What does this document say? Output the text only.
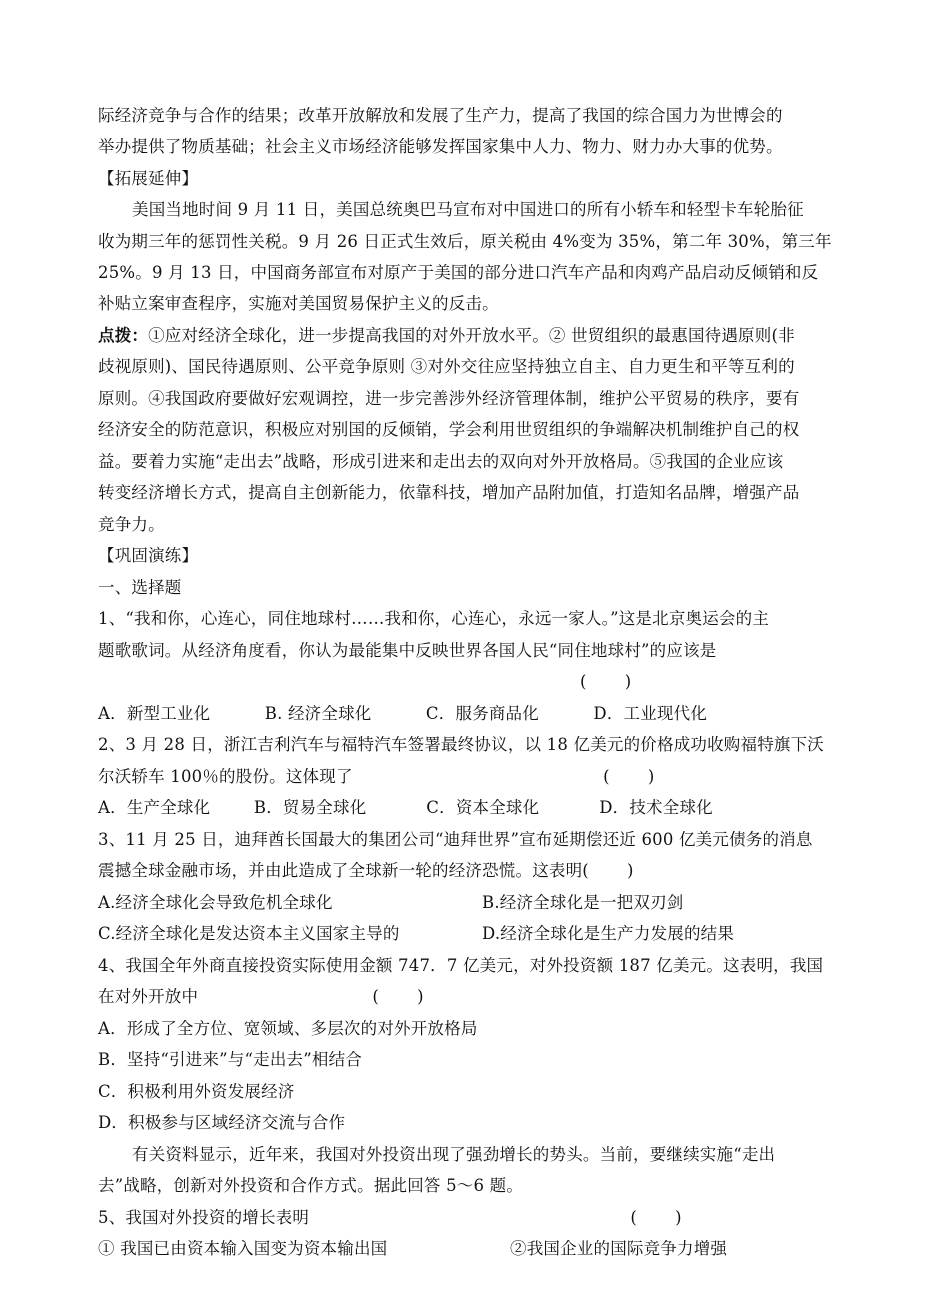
际经济竞争与合作的结果；改革开放解放和发展了生产力，提高了我国的综合国力为世博会的
举办提供了物质基础；社会主义市场经济能够发挥国家集中人力、物力、财力办大事的优势。
【拓展延伸】
美国当地时间 9 月 11 日，美国总统奥巴马宣布对中国进口的所有小轿车和轻型卡车轮胎征
收为期三年的惩罚性关税。9 月 26 日正式生效后，原关税由 4%变为 35%，第二年 30%，第三年
25%。9 月 13 日，中国商务部宣布对原产于美国的部分进口汽车产品和肉鸡产品启动反倾销和反
补贴立案审查程序，实施对美国贸易保护主义的反击。
点拨：①应对经济全球化，进一步提高我国的对外开放水平。② 世贸组织的最惠国待遇原则(非
歧视原则)、国民待遇原则、公平竞争原则 ③对外交往应坚持独立自主、自力更生和平等互利的
原则。④我国政府要做好宏观调控，进一步完善涉外经济管理体制，维护公平贸易的秩序，要有
经济安全的防范意识，积极应对别国的反倾销，学会利用世贸组织的争端解决机制维护自己的权
益。要着力实施“走出去”战略，形成引进来和走出去的双向对外开放格局。⑤我国的企业应该
转变经济增长方式，提高自主创新能力，依靠科技，增加产品附加值，打造知名品牌，增强产品
竞争力。
【巩固演练】
一、选择题
1、“我和你，心连心，同住地球村……我和你，心连心，永远一家人。”这是北京奥运会的主
题歌歌词。从经济角度看，你认为最能集中反映世界各国人民“同住地球村”的应该是
(       )
A．新型工业化          B. 经济全球化          C．服务商品化          D．工业现代化
2、3 月 28 日，浙江吉利汽车与福特汽车签署最终协议，以 18 亿美元的价格成功收购福特旗下沃
尔沃轿车 100％的股份。这体现了                                              (       )
A．生产全球化        B．贸易全球化           C．资本全球化           D．技术全球化
3、11 月 25 日，迪拜酋长国最大的集团公司“迪拜世界”宣布延期偿还近 600 亿美元债务的消息
震撼全球金融市场，并由此造成了全球新一轮的经济恐慌。这表明(       )
A.经济全球化会导致危机全球化	B.经济全球化是一把双刃剑
C.经济全球化是发达资本主义国家主导的	D.经济全球化是生产力发展的结果
4、我国全年外商直接投资实际使用金额 747．7 亿美元，对外投资额 187 亿美元。这表明，我国
在对外开放中                                (       )
A．形成了全方位、宽领域、多层次的对外开放格局
B．坚持“引进来”与“走出去”相结合
C．积极利用外资发展经济
D．积极参与区域经济交流与合作
有关资料显示，近年来，我国对外投资出现了强劲增长的势头。当前，要继续实施“走出
去”战略，创新对外投资和合作方式。据此回答 5～6 题。
5、我国对外投资的增长表明                                                           (       )
① 我国已由资本输入国变为资本输出国	②我国企业的国际竞争力增强
